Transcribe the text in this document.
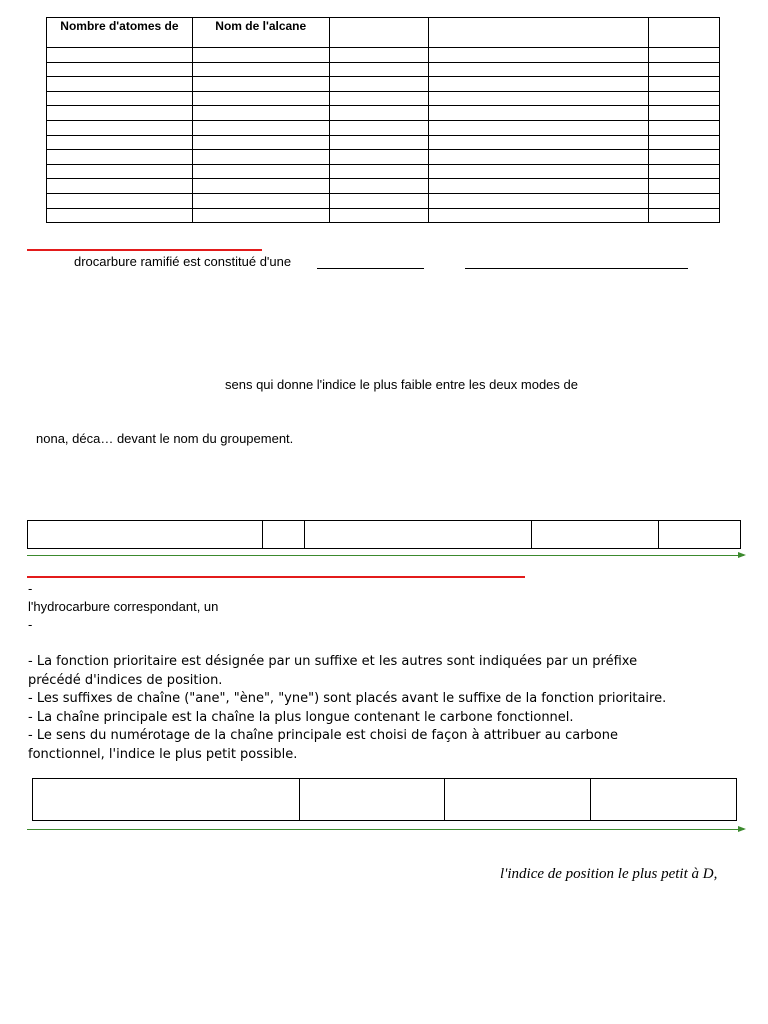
Nombre d'atomes de	Nom de l'alcane			

drocarbure ramifié est constitué d'une
sens qui donne l'indice le plus faible entre les deux modes de
nona, déca… devant le nom du groupement.
-
l'hydrocarbure correspondant, un
-
- La fonction prioritaire est désignée par un suffixe et les autres sont indiquées par un préfixe
précédé d'indices de position.
- Les suffixes de chaîne ("ane", "ène", "yne") sont placés avant le suffixe de la fonction prioritaire.
- La chaîne principale est la chaîne la plus longue contenant le carbone fonctionnel.
- Le sens du numérotage de la chaîne principale est choisi de façon à attribuer au carbone
fonctionnel, l'indice le plus petit possible.
l'indice de position le plus petit à D,
